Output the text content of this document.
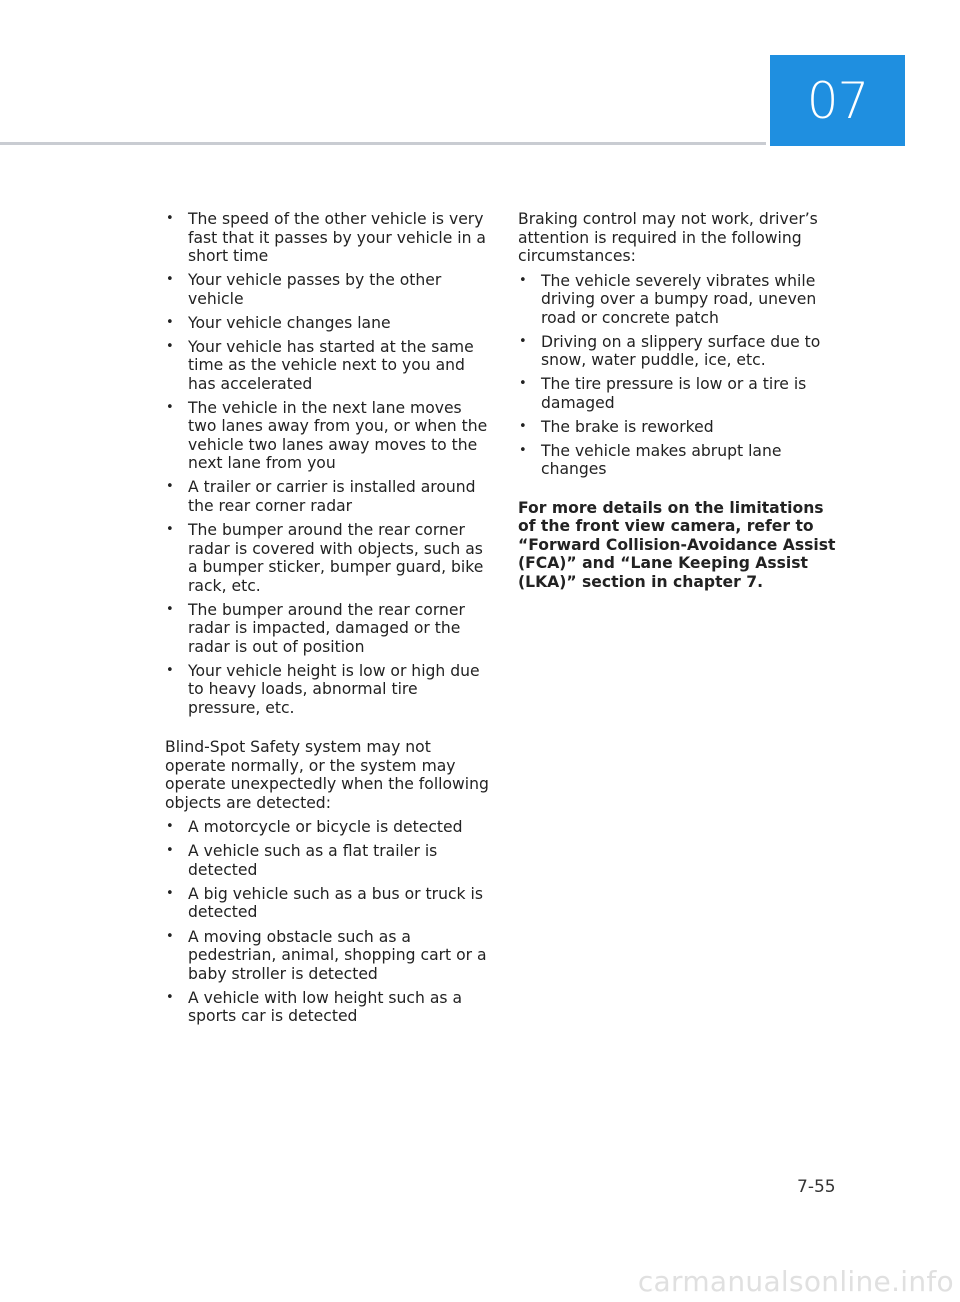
07
• The speed of the other vehicle is very fast that it passes by your vehicle in a short time
• Your vehicle passes by the other vehicle
• Your vehicle changes lane
• Your vehicle has started at the same time as the vehicle next to you and has accelerated
• The vehicle in the next lane moves two lanes away from you, or when the vehicle two lanes away moves to the next lane from you
• A trailer or carrier is installed around the rear corner radar
• The bumper around the rear corner radar is covered with objects, such as a bumper sticker, bumper guard, bike rack, etc.
• The bumper around the rear corner radar is impacted, damaged or the radar is out of position
• Your vehicle height is low or high due to heavy loads, abnormal tire pressure, etc.

Blind-Spot Safety system may not operate normally, or the system may operate unexpectedly when the following objects are detected:

• A motorcycle or bicycle is detected
• A vehicle such as a flat trailer is detected
• A big vehicle such as a bus or truck is detected
• A moving obstacle such as a pedestrian, animal, shopping cart or a baby stroller is detected
• A vehicle with low height such as a sports car is detected

Braking control may not work, driver’s attention is required in the following circumstances:

• The vehicle severely vibrates while driving over a bumpy road, uneven road or concrete patch
• Driving on a slippery surface due to snow, water puddle, ice, etc.
• The tire pressure is low or a tire is damaged
• The brake is reworked
• The vehicle makes abrupt lane changes

For more details on the limitations of the front view camera, refer to “Forward Collision-Avoidance Assist (FCA)” and “Lane Keeping Assist (LKA)” section in chapter 7.

7-55
carmanualsonline.info
